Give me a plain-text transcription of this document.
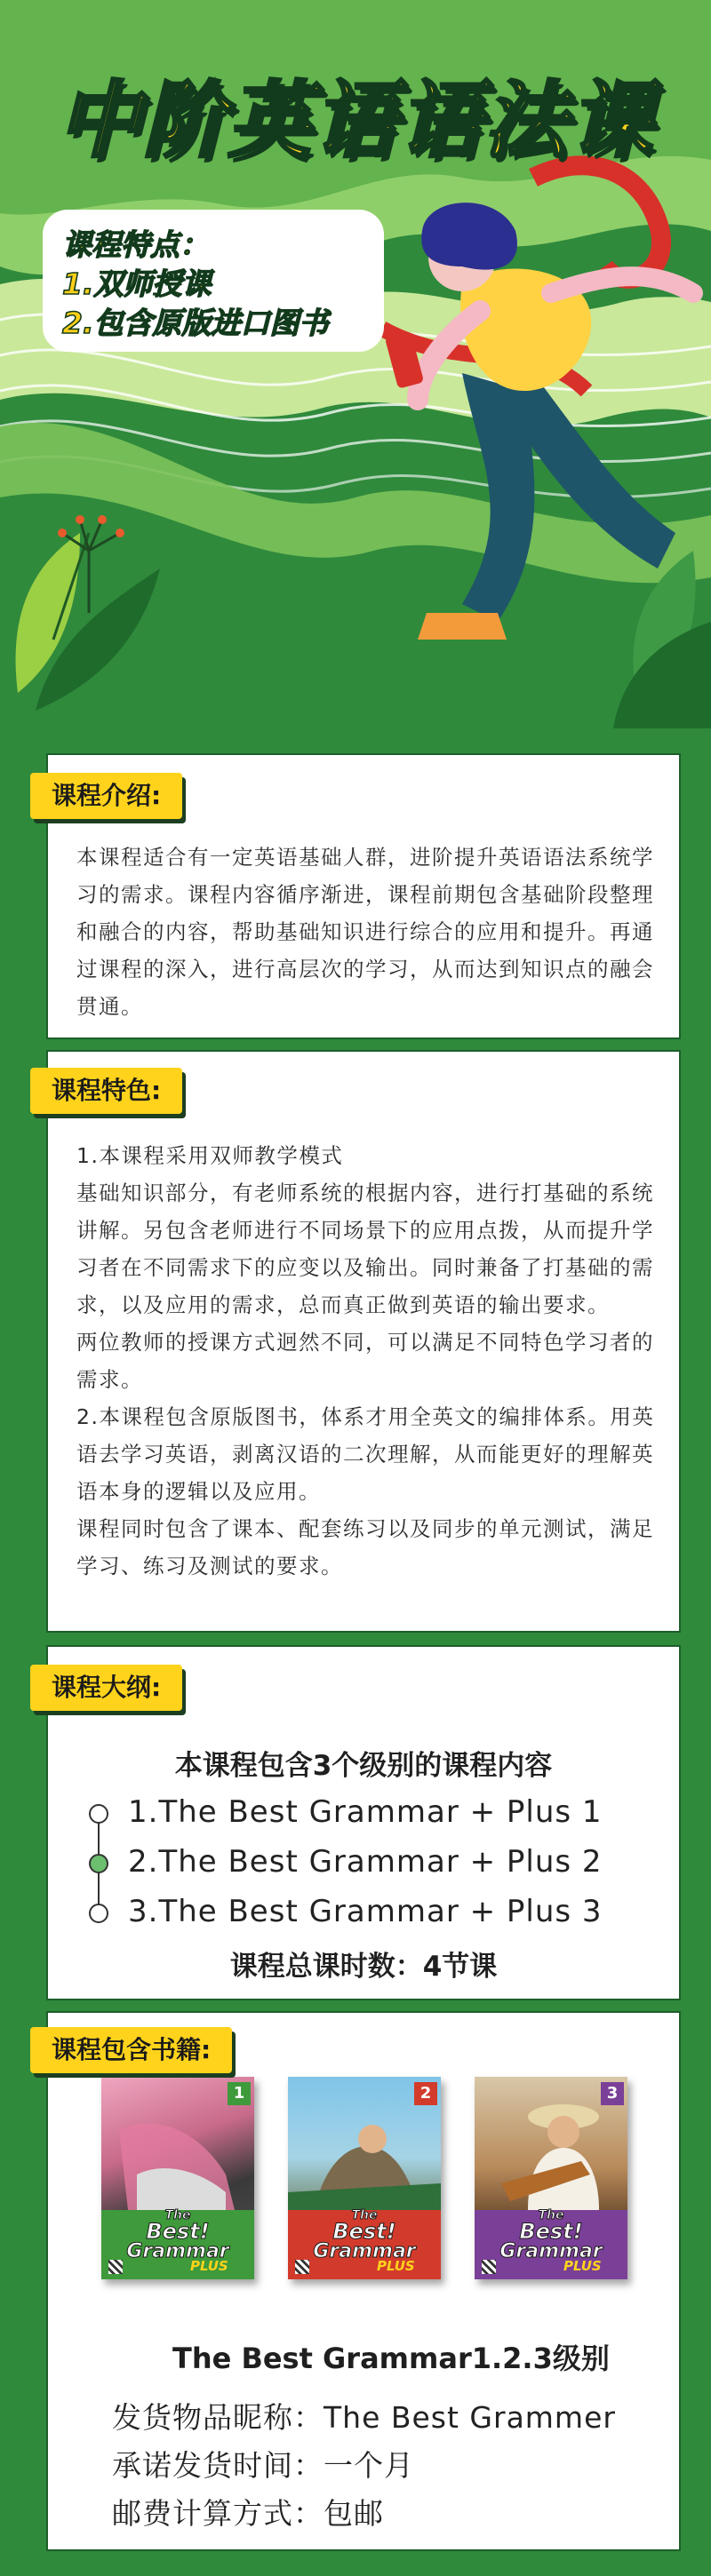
中阶英语语法课
课程特点：
1.双师授课
2.包含原版进口图书
本课程适合有一定英语基础人群，进阶提升英语语法系统学习的需求。课程内容循序渐进，课程前期包含基础阶段整理和融合的内容，帮助基础知识进行综合的应用和提升。再通过课程的深入，进行高层次的学习，从而达到知识点的融会贯通。
课程介绍:

1.本课程采用双师教学模式

基础知识部分，有老师系统的根据内容，进行打基础的系统讲解。另包含老师进行不同场景下的应用点拨，从而提升学习者在不同需求下的应变以及输出。同时兼备了打基础的需求，以及应用的需求，总而真正做到英语的输出要求。

两位教师的授课方式迥然不同，可以满足不同特色学习者的需求。

2.本课程包含原版图书，体系才用全英文的编排体系。用英语去学习英语，剥离汉语的二次理解，从而能更好的理解英语本身的逻辑以及应用。

课程同时包含了课本、配套练习以及同步的单元测试，满足学习、练习及测试的要求。

课程特色:
本课程包含3个级别的课程内容
1.The Best Grammar + Plus 1
2.The Best Grammar + Plus 2
3.The Best Grammar + Plus 3
课程总课时数：4节课
课程大纲:
1
The
Best!
Grammar
PLUS
2
The
Best!
Grammar
PLUS
3
The
Best!
Grammar
PLUS
The Best Grammar1.2.3级别
发货物品昵称：The Best Grammer
承诺发货时间：一个月
邮费计算方式：包邮
课程包含书籍:
